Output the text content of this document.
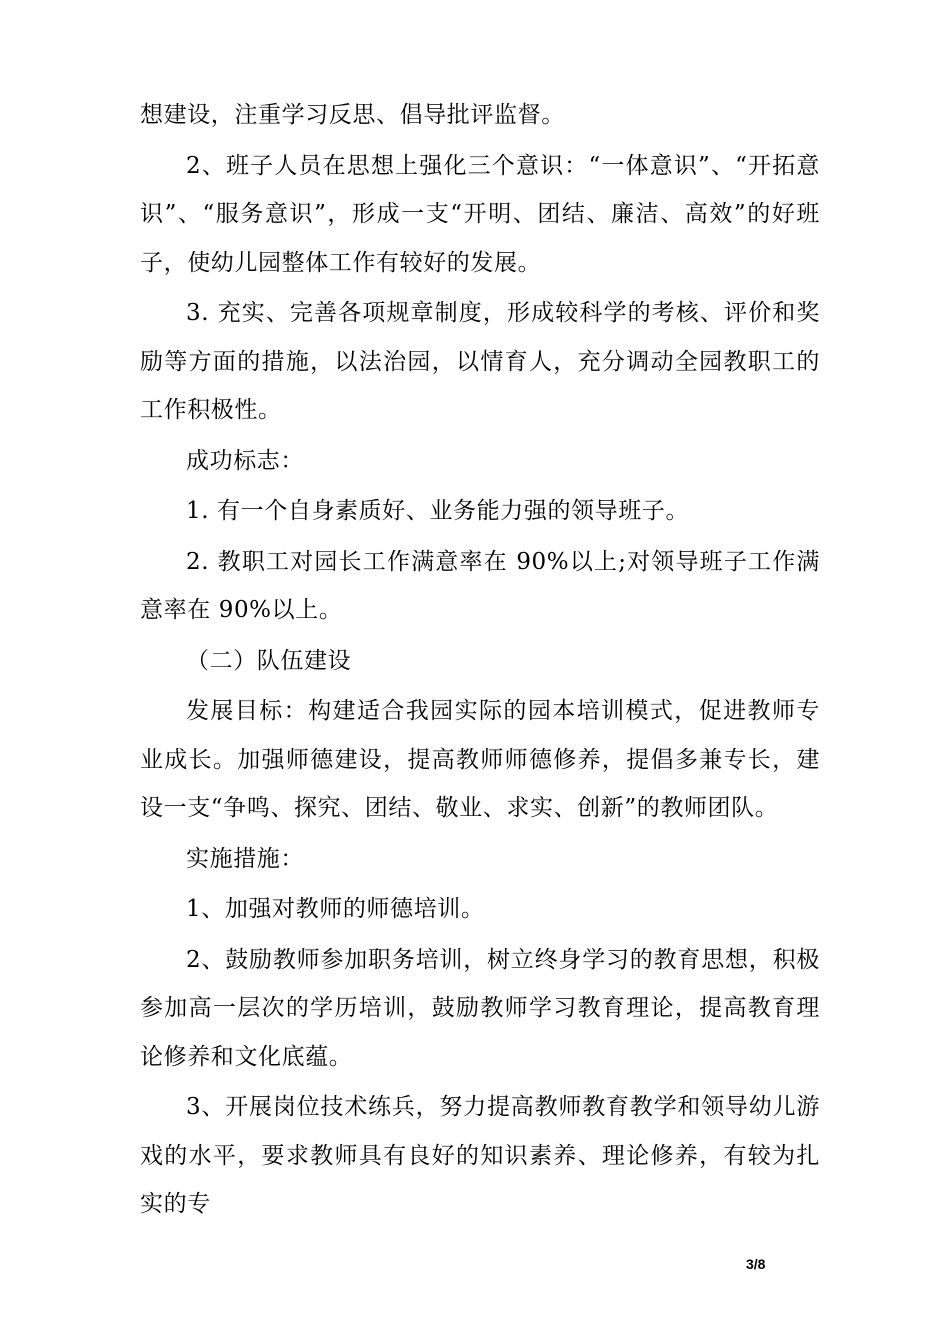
想建设，注重学习反思、倡导批评监督。

2、班子人员在思想上强化三个意识：“一体意识”、“开拓意识”、“服务意识”，形成一支“开明、团结、廉洁、高效”的好班子，使幼儿园整体工作有较好的发展。

3. 充实、完善各项规章制度，形成较科学的考核、评价和奖励等方面的措施，以法治园，以情育人，充分调动全园教职工的工作积极性。

成功标志：

1. 有一个自身素质好、业务能力强的领导班子。

2. 教职工对园长工作满意率在 90%以上;对领导班子工作满意率在 90%以上。

（二）队伍建设

发展目标：构建适合我园实际的园本培训模式，促进教师专业成长。加强师德建设，提高教师师德修养，提倡多兼专长，建设一支“争鸣、探究、团结、敬业、求实、创新”的教师团队。

实施措施：

1、加强对教师的师德培训。

2、鼓励教师参加职务培训，树立终身学习的教育思想，积极参加高一层次的学历培训，鼓励教师学习教育理论，提高教育理论修养和文化底蕴。

3、开展岗位技术练兵，努力提高教师教育教学和领导幼儿游戏的水平，要求教师具有良好的知识素养、理论修养，有较为扎实的专

3/8
